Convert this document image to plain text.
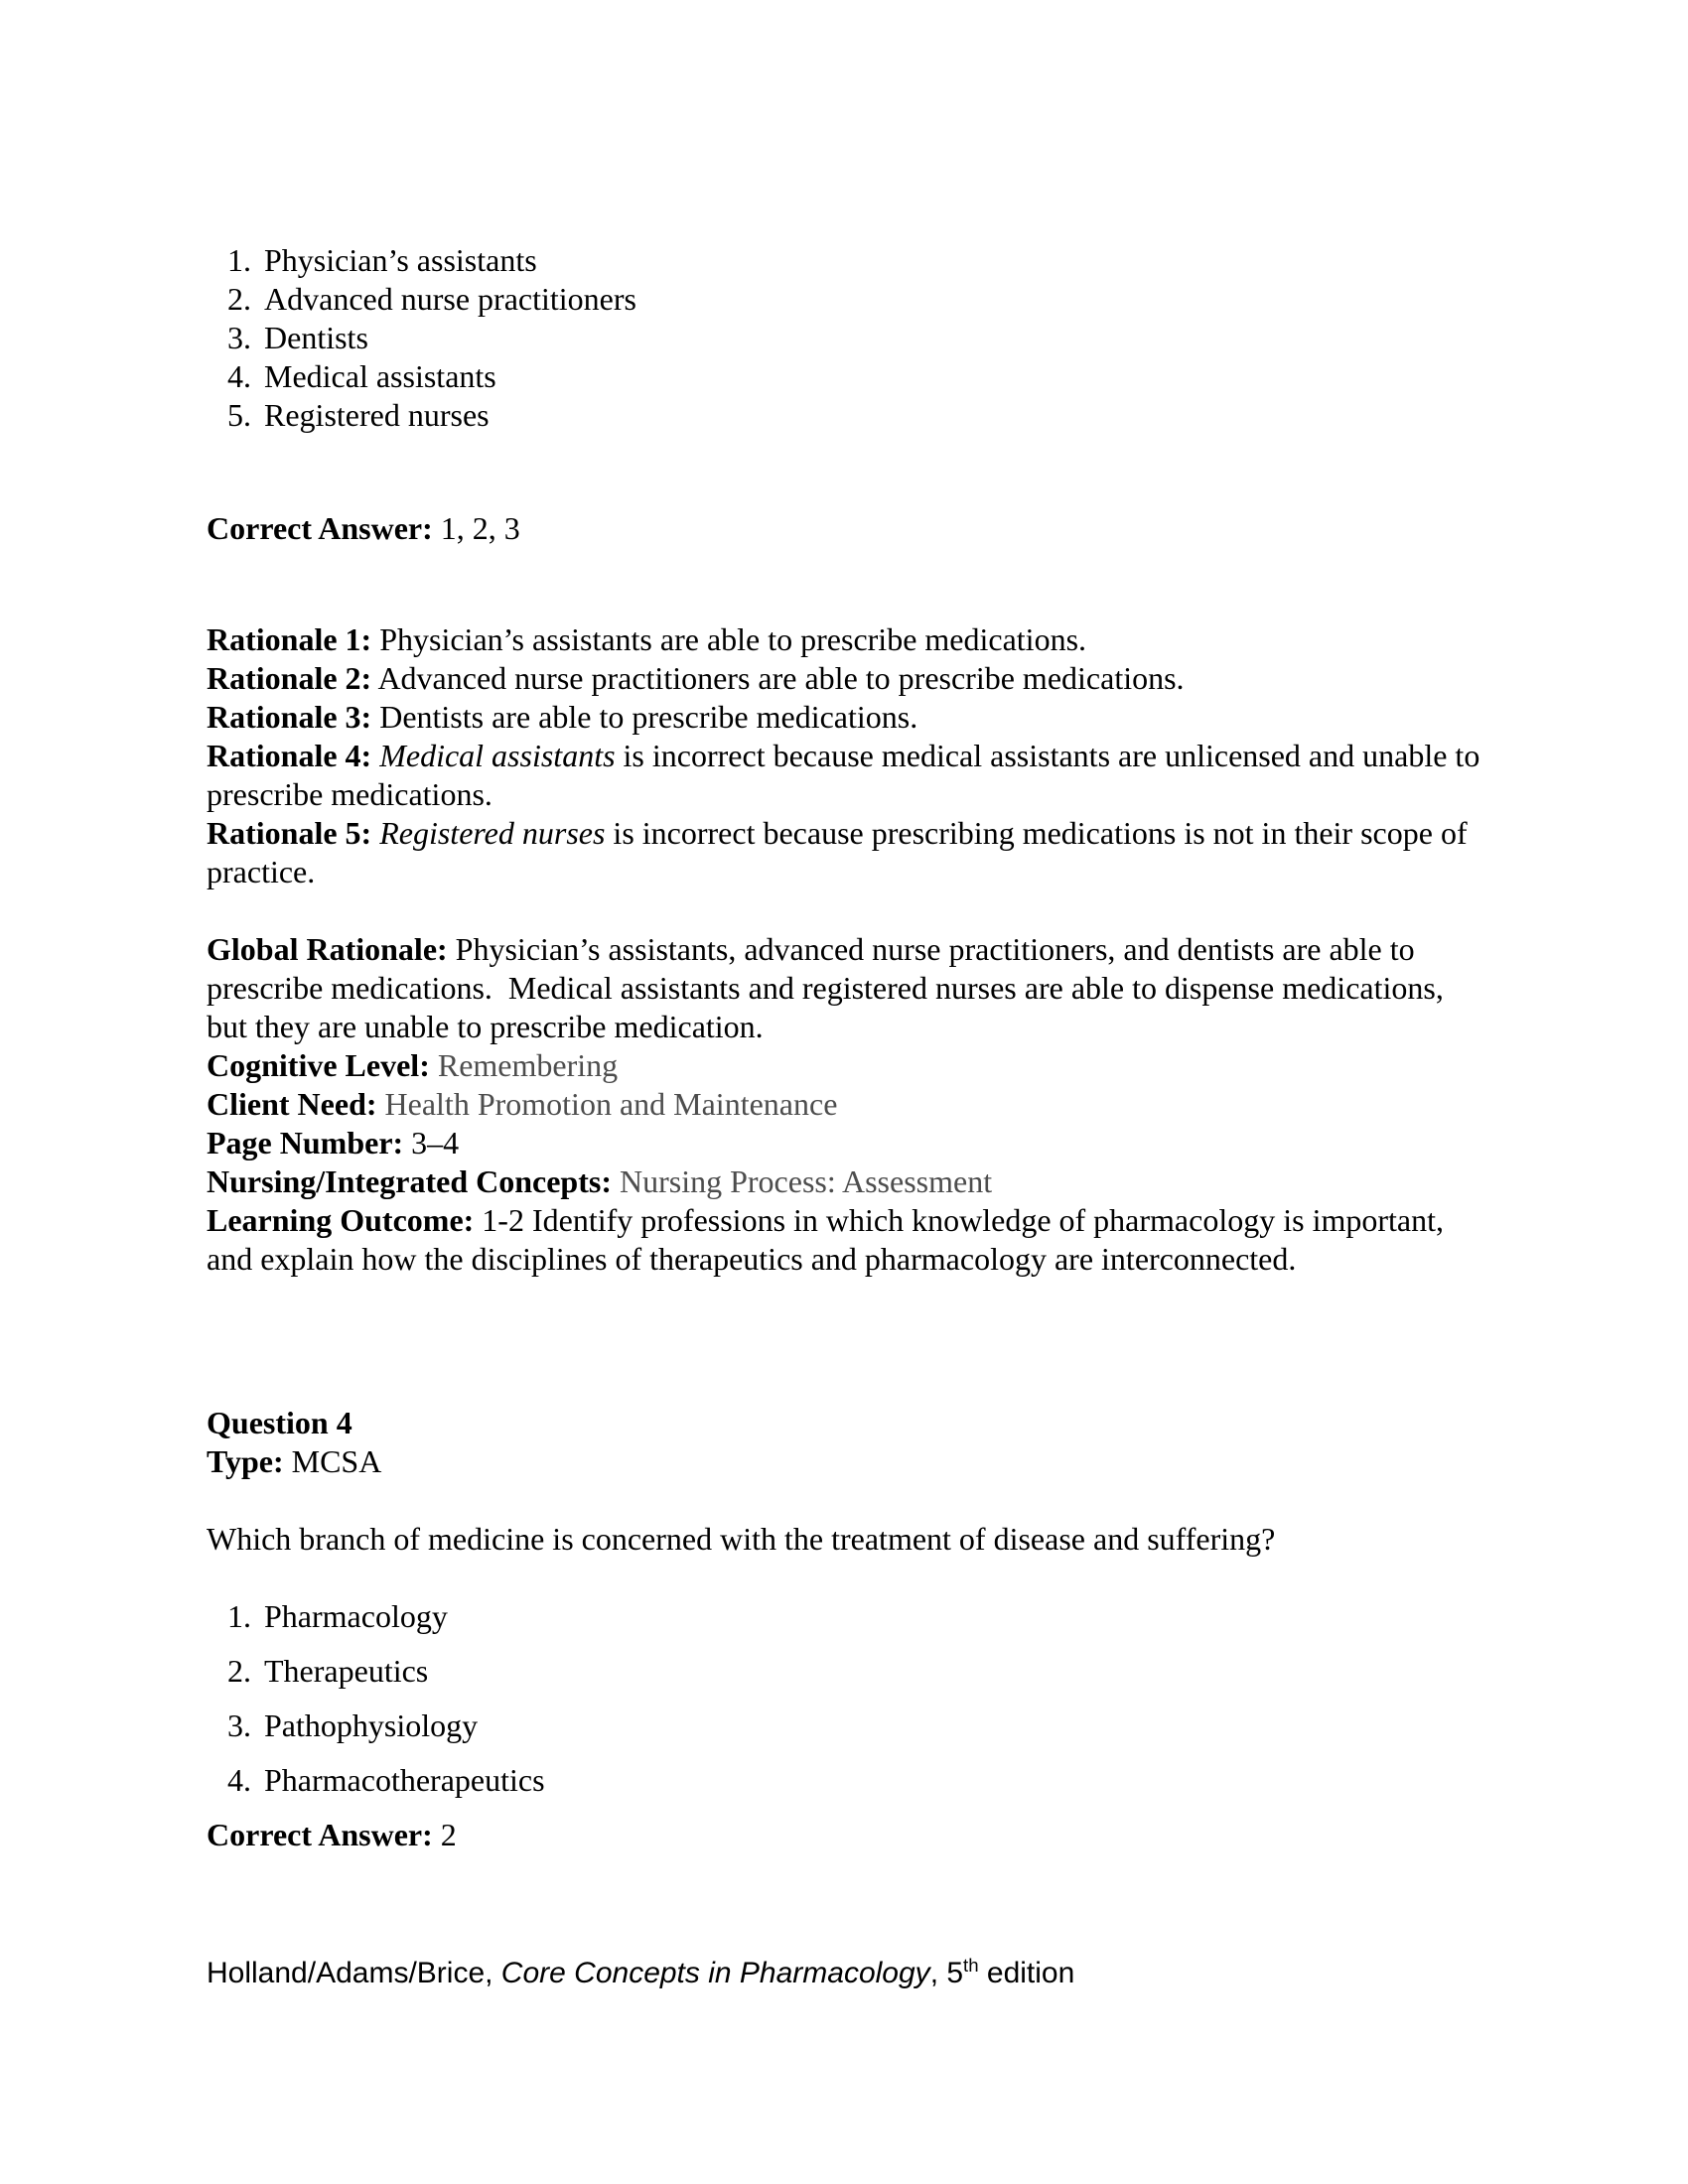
1. Physician’s assistants
2. Advanced nurse practitioners
3. Dentists
4. Medical assistants
5. Registered nurses

Correct Answer: 1, 2, 3

Rationale 1: Physician’s assistants are able to prescribe medications.

Rationale 2: Advanced nurse practitioners are able to prescribe medications.

Rationale 3: Dentists are able to prescribe medications.

Rationale 4: Medical assistants is incorrect because medical assistants are unlicensed and unable to prescribe medications.

Rationale 5: Registered nurses is incorrect because prescribing medications is not in their scope of practice.

Global Rationale: Physician’s assistants, advanced nurse practitioners, and dentists are able to prescribe medications.  Medical assistants and registered nurses are able to dispense medications, but they are unable to prescribe medication.

Cognitive Level: Remembering

Client Need: Health Promotion and Maintenance

Page Number: 3–4

Nursing/Integrated Concepts: Nursing Process: Assessment

Learning Outcome: 1-2 Identify professions in which knowledge of pharmacology is important, and explain how the disciplines of therapeutics and pharmacology are interconnected.

Question 4

Type: MCSA

Which branch of medicine is concerned with the treatment of disease and suffering?

1. Pharmacology
2. Therapeutics
3. Pathophysiology
4. Pharmacotherapeutics

Correct Answer: 2

Holland/Adams/Brice, Core Concepts in Pharmacology, 5th edition
